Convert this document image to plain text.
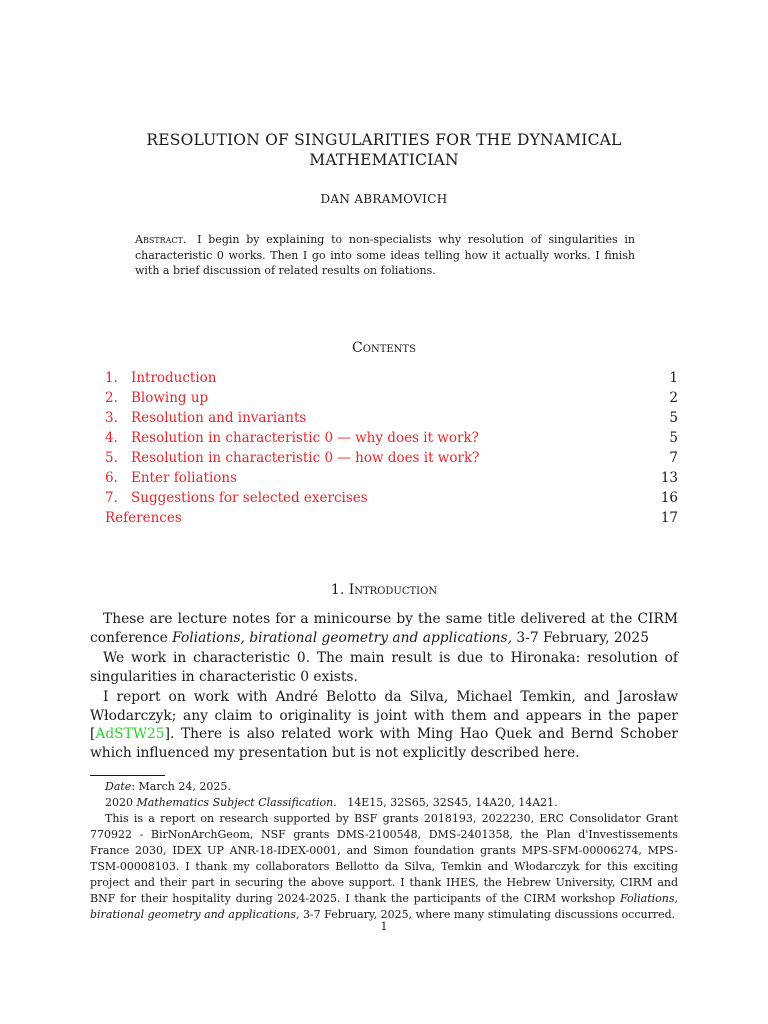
RESOLUTION OF SINGULARITIES FOR THE DYNAMICAL
MATHEMATICIAN
DAN ABRAMOVICH
Abstract. I begin by explaining to non-specialists why resolution of singularities in characteristic 0 works. Then I go into some ideas telling how it actually works. I finish with a brief discussion of related results on foliations.
Contents
1. Introduction	1
2. Blowing up	2
3. Resolution and invariants	5
4. Resolution in characteristic 0 — why does it work?	5
5. Resolution in characteristic 0 — how does it work?	7
6. Enter foliations	13
7. Suggestions for selected exercises	16
References	17
1. Introduction

These are lecture notes for a minicourse by the same title delivered at the CIRM conference Foliations, birational geometry and applications, 3-7 February, 2025

We work in characteristic 0. The main result is due to Hironaka: resolution of singularities in characteristic 0 exists.

I report on work with André Belotto da Silva, Michael Temkin, and Jarosław Włodarczyk; any claim to originality is joint with them and appears in the paper [AdSTW25]. There is also related work with Ming Hao Quek and Bernd Schober which influenced my presentation but is not explicitly described here.

Date: March 24, 2025.

2020 Mathematics Subject Classification. 14E15, 32S65, 32S45, 14A20, 14A21.

This is a report on research supported by BSF grants 2018193, 2022230, ERC Consolidator Grant 770922 - BirNonArchGeom, NSF grants DMS-2100548, DMS-2401358, the Plan d'Investissements France 2030, IDEX UP ANR-18-IDEX-0001, and Simon foundation grants MPS-SFM-00006274, MPS-TSM-00008103. I thank my collaborators Bellotto da Silva, Temkin and Włodarczyk for this exciting project and their part in securing the above support. I thank IHES, the Hebrew University, CIRM and BNF for their hospitality during 2024-2025. I thank the participants of the CIRM workshop Foliations, birational geometry and applications, 3-7 February, 2025, where many stimulating discussions occurred.

1
